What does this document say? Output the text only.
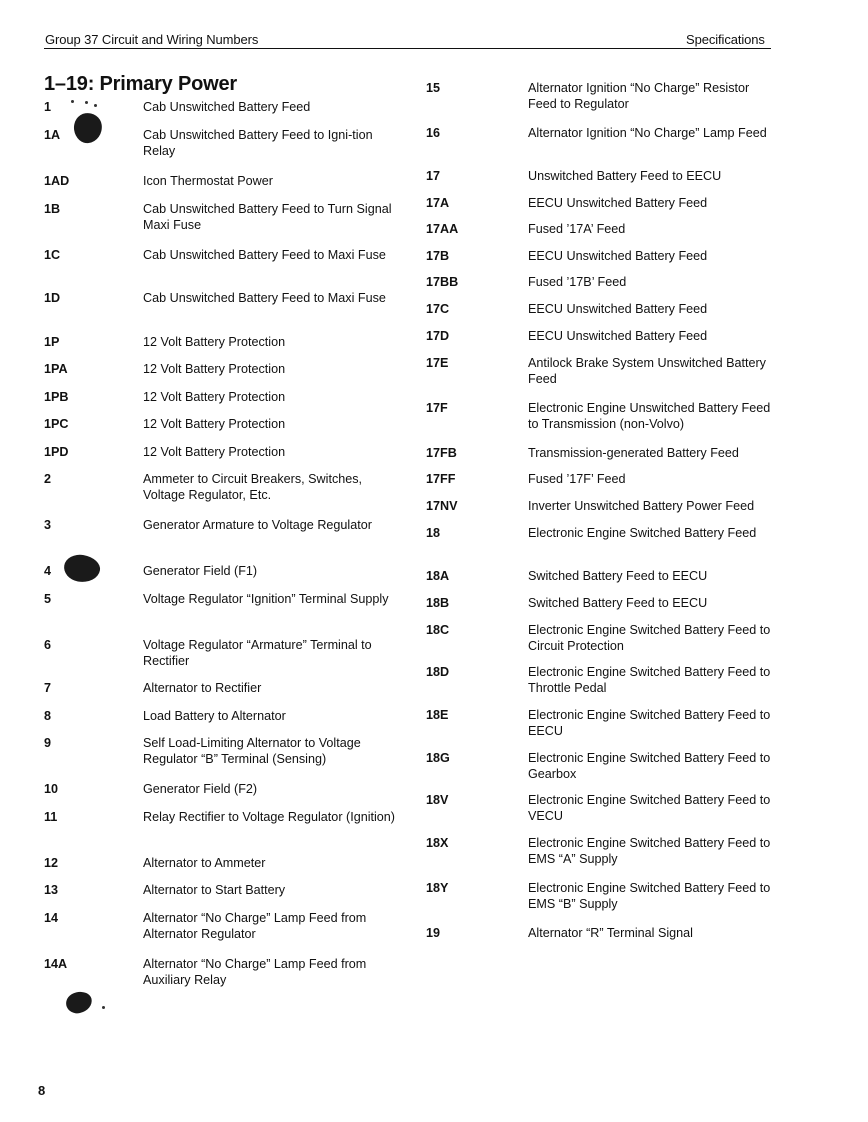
Group 37 Circuit and Wiring Numbers	Specifications
1–19: Primary Power
1	Cab Unswitched Battery Feed
1A	Cab Unswitched Battery Feed to Igni-tion Relay
1AD	Icon Thermostat Power
1B	Cab Unswitched Battery Feed to Turn Signal Maxi Fuse
1C	Cab Unswitched Battery Feed to Maxi Fuse
1D	Cab Unswitched Battery Feed to Maxi Fuse
1P	12 Volt Battery Protection
1PA	12 Volt Battery Protection
1PB	12 Volt Battery Protection
1PC	12 Volt Battery Protection
1PD	12 Volt Battery Protection
2	Ammeter to Circuit Breakers, Switches, Voltage Regulator, Etc.
3	Generator Armature to Voltage Regulator
4	Generator Field (F1)
5	Voltage Regulator “Ignition” Terminal Supply
6	Voltage Regulator “Armature” Terminal to Rectifier
7	Alternator to Rectifier
8	Load Battery to Alternator
9	Self Load-Limiting Alternator to Voltage Regulator “B” Terminal (Sensing)
10	Generator Field (F2)
11	Relay Rectifier to Voltage Regulator (Ignition)
12	Alternator to Ammeter
13	Alternator to Start Battery
14	Alternator “No Charge” Lamp Feed from Alternator Regulator
14A	Alternator “No Charge” Lamp Feed from Auxiliary Relay
15	Alternator Ignition “No Charge” Resistor Feed to Regulator
16	Alternator Ignition “No Charge” Lamp Feed
17	Unswitched Battery Feed to EECU
17A	EECU Unswitched Battery Feed
17AA	Fused ’17A’ Feed
17B	EECU Unswitched Battery Feed
17BB	Fused ’17B’ Feed
17C	EECU Unswitched Battery Feed
17D	EECU Unswitched Battery Feed
17E	Antilock Brake System Unswitched Battery Feed
17F	Electronic Engine Unswitched Battery Feed to Transmission (non-Volvo)
17FB	Transmission-generated Battery Feed
17FF	Fused ’17F’ Feed
17NV	Inverter Unswitched Battery Power Feed
18	Electronic Engine Switched Battery Feed
18A	Switched Battery Feed to EECU
18B	Switched Battery Feed to EECU
18C	Electronic Engine Switched Battery Feed to Circuit Protection
18D	Electronic Engine Switched Battery Feed to Throttle Pedal
18E	Electronic Engine Switched Battery Feed to EECU
18G	Electronic Engine Switched Battery Feed to Gearbox
18V	Electronic Engine Switched Battery Feed to VECU
18X	Electronic Engine Switched Battery Feed to EMS “A” Supply
18Y	Electronic Engine Switched Battery Feed to EMS “B” Supply
19	Alternator “R” Terminal Signal
8
